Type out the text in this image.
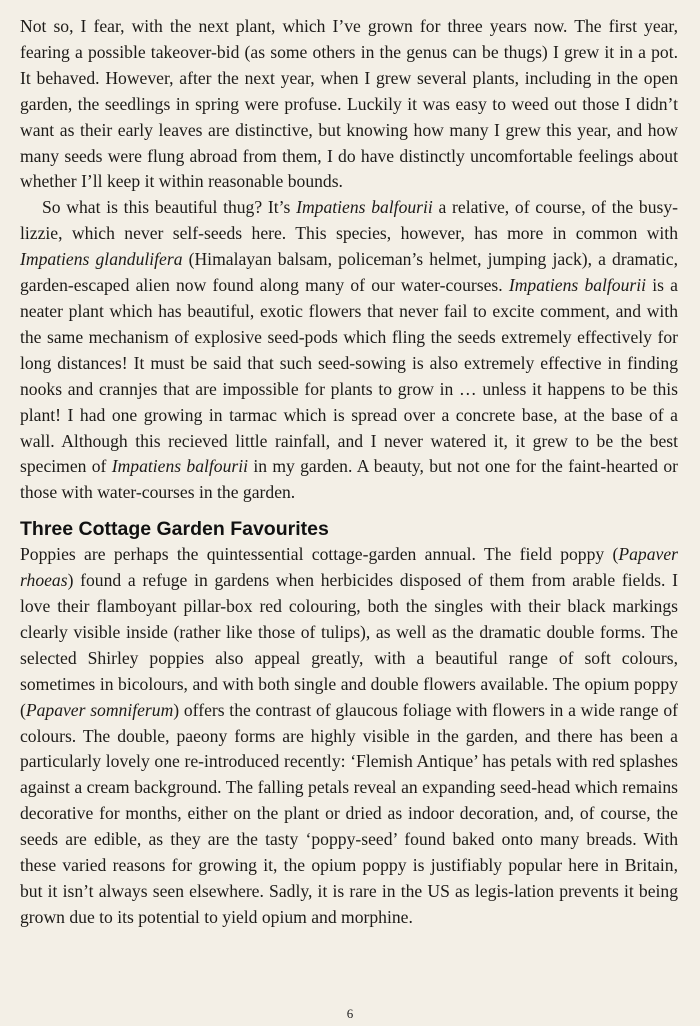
Not so, I fear, with the next plant, which I’ve grown for three years now. The first year, fearing a possible takeover-bid (as some others in the genus can be thugs) I grew it in a pot. It behaved. However, after the next year, when I grew several plants, including in the open garden, the seedlings in spring were profuse. Luckily it was easy to weed out those I didn’t want as their early leaves are distinctive, but knowing how many I grew this year, and how many seeds were flung abroad from them, I do have distinctly uncomfortable feelings about whether I’ll keep it within reasonable bounds.

So what is this beautiful thug? It’s Impatiens balfourii a relative, of course, of the busy-lizzie, which never self-seeds here. This species, however, has more in common with Impatiens glandulifera (Himalayan balsam, policeman’s helmet, jumping jack), a dramatic, garden-escaped alien now found along many of our water-courses. Impatiens balfourii is a neater plant which has beautiful, exotic flowers that never fail to excite comment, and with the same mechanism of explosive seed-pods which fling the seeds extremely effectively for long distances! It must be said that such seed-sowing is also extremely effective in finding nooks and crannjes that are impossible for plants to grow in … unless it happens to be this plant! I had one growing in tarmac which is spread over a concrete base, at the base of a wall. Although this recieved little rainfall, and I never watered it, it grew to be the best specimen of Impatiens balfourii in my garden. A beauty, but not one for the faint-hearted or those with water-courses in the garden.

Three Cottage Garden Favourites

Poppies are perhaps the quintessential cottage-garden annual. The field poppy (Papaver rhoeas) found a refuge in gardens when herbicides disposed of them from arable fields. I love their flamboyant pillar-box red colouring, both the singles with their black markings clearly visible inside (rather like those of tulips), as well as the dramatic double forms. The selected Shirley poppies also appeal greatly, with a beautiful range of soft colours, sometimes in bicolours, and with both single and double flowers available. The opium poppy (Papaver somniferum) offers the contrast of glaucous foliage with flowers in a wide range of colours. The double, paeony forms are highly visible in the garden, and there has been a particularly lovely one re-introduced recently: ‘Flemish Antique’ has petals with red splashes against a cream background. The falling petals reveal an expanding seed-head which remains decorative for months, either on the plant or dried as indoor decoration, and, of course, the seeds are edible, as they are the tasty ‘poppy-seed’ found baked onto many breads. With these varied reasons for growing it, the opium poppy is justifiably popular here in Britain, but it isn’t always seen elsewhere. Sadly, it is rare in the US as legis-lation prevents it being grown due to its potential to yield opium and morphine.

6
